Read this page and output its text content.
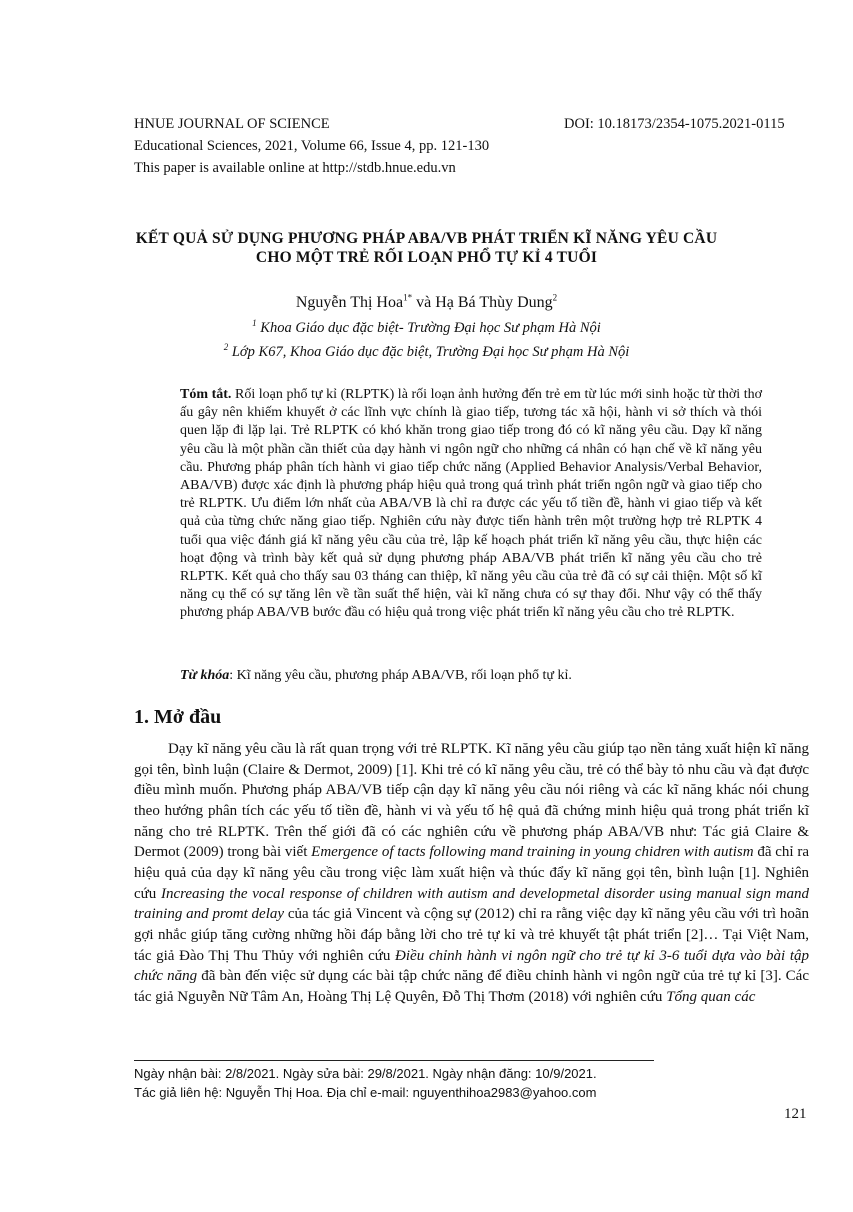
HNUE JOURNAL OF SCIENCE	DOI: 10.18173/2354-1075.2021-0115
Educational Sciences, 2021, Volume 66, Issue 4, pp. 121-130
This paper is available online at http://stdb.hnue.edu.vn
KẾT QUẢ SỬ DỤNG PHƯƠNG PHÁP ABA/VB PHÁT TRIỂN KĨ NĂNG YÊU CẦU
CHO MỘT TRẺ RỐI LOẠN PHỔ TỰ KỈ 4 TUỔI
Nguyễn Thị Hoa$^{1*}$ và Hạ Bá Thùy Dung$^2$
$^1$ Khoa Giáo dục đặc biệt- Trường Đại học Sư phạm Hà Nội
$^2$ Lớp K67, Khoa Giáo dục đặc biệt, Trường Đại học Sư phạm Hà Nội
Tóm tắt. Rối loạn phổ tự kỉ (RLPTK) là rối loạn ảnh hưởng đến trẻ em từ lúc mới sinh hoặc từ thời thơ ấu gây nên khiếm khuyết ở các lĩnh vực chính là giao tiếp, tương tác xã hội, hành vi sở thích và thói quen lặp đi lặp lại. Trẻ RLPTK có khó khăn trong giao tiếp trong đó có kĩ năng yêu cầu. Dạy kĩ năng yêu cầu là một phần cần thiết của dạy hành vi ngôn ngữ cho những cá nhân có hạn chế về kĩ năng yêu cầu. Phương pháp phân tích hành vi giao tiếp chức năng (Applied Behavior Analysis/Verbal Behavior, ABA/VB) được xác định là phương pháp hiệu quả trong quá trình phát triển ngôn ngữ và giao tiếp cho trẻ RLPTK. Ưu điểm lớn nhất của ABA/VB là chỉ ra được các yếu tố tiền đề, hành vi giao tiếp và kết quả của từng chức năng giao tiếp. Nghiên cứu này được tiến hành trên một trường hợp trẻ RLPTK 4 tuổi qua việc đánh giá kĩ năng yêu cầu của trẻ, lập kế hoạch phát triển kĩ năng yêu cầu, thực hiện các hoạt động và trình bày kết quả sử dụng phương pháp ABA/VB phát triển kĩ năng yêu cầu cho trẻ RLPTK. Kết quả cho thấy sau 03 tháng can thiệp, kĩ năng yêu cầu của trẻ đã có sự cải thiện. Một số kĩ năng cụ thể có sự tăng lên về tần suất thể hiện, vài kĩ năng chưa có sự thay đổi. Như vậy có thể thấy phương pháp ABA/VB bước đầu có hiệu quả trong việc phát triển kĩ năng yêu cầu cho trẻ RLPTK.
Từ khóa: Kĩ năng yêu cầu, phương pháp ABA/VB, rối loạn phổ tự kỉ.
1. Mở đầu

Dạy kĩ năng yêu cầu là rất quan trọng với trẻ RLPTK. Kĩ năng yêu cầu giúp tạo nền tảng xuất hiện kĩ năng gọi tên, bình luận (Claire & Dermot, 2009) [1]. Khi trẻ có kĩ năng yêu cầu, trẻ có thể bày tỏ nhu cầu và đạt được điều mình muốn. Phương pháp ABA/VB tiếp cận dạy kĩ năng yêu cầu nói riêng và các kĩ năng khác nói chung theo hướng phân tích các yếu tố tiền đề, hành vi và yếu tố hệ quả đã chứng minh hiệu quả trong phát triển kĩ năng cho trẻ RLPTK. Trên thế giới đã có các nghiên cứu về phương pháp ABA/VB như: Tác giả Claire & Dermot (2009) trong bài viết Emergence of tacts following mand training in young chidren with autism đã chỉ ra hiệu quả của dạy kĩ năng yêu cầu trong việc làm xuất hiện và thúc đẩy kĩ năng gọi tên, bình luận [1]. Nghiên cứu Increasing the vocal response of children with autism and developmetal disorder using manual sign mand training and promt delay của tác giả Vincent và cộng sự (2012) chỉ ra rằng việc dạy kĩ năng yêu cầu với trì hoãn gợi nhắc giúp tăng cường những hồi đáp bằng lời cho trẻ tự kỉ và trẻ khuyết tật phát triển [2]… Tại Việt Nam, tác giả Đào Thị Thu Thủy với nghiên cứu Điều chỉnh hành vi ngôn ngữ cho trẻ tự kỉ 3-6 tuổi dựa vào bài tập chức năng đã bàn đến việc sử dụng các bài tập chức năng để điều chỉnh hành vi ngôn ngữ của trẻ tự kỉ [3]. Các tác giả Nguyễn Nữ Tâm An, Hoàng Thị Lệ Quyên, Đỗ Thị Thơm (2018) với nghiên cứu Tổng quan các

Ngày nhận bài: 2/8/2021. Ngày sửa bài: 29/8/2021. Ngày nhận đăng: 10/9/2021.
Tác giả liên hệ: Nguyễn Thị Hoa. Địa chỉ e-mail: nguyenthihoa2983@yahoo.com
121
